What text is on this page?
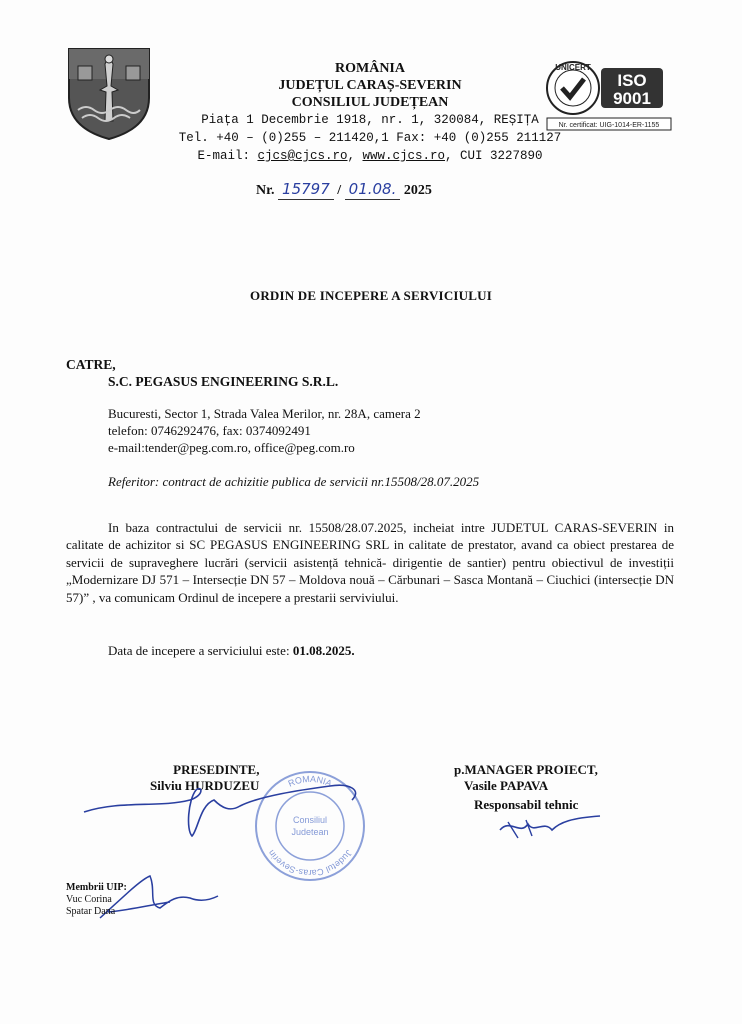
ROMÂNIA
JUDEȚUL CARAȘ-SEVERIN
CONSILIUL JUDEȚEAN
Piața 1 Decembrie 1918, nr. 1, 320084, REȘIȚA
Tel. +40 – (0)255 – 211420,1 Fax: +40 (0)255 211127
E-mail: cjcs@cjcs.ro, www.cjcs.ro, CUI 3227890
UNICERT
ISO
9001
Nr. certificat: UIG-1014-ER-1155
Nr. 15797 / 01.08. 2025
ORDIN DE INCEPERE A SERVICIULUI
CATRE,
S.C. PEGASUS ENGINEERING S.R.L.
Bucuresti, Sector 1, Strada Valea Merilor, nr. 28A, camera 2
telefon: 0746292476, fax: 0374092491
e-mail:tender@peg.com.ro, office@peg.com.ro
Referitor: contract de achizitie publica de servicii nr.15508/28.07.2025
In baza contractului de servicii nr. 15508/28.07.2025, incheiat intre JUDETUL CARAS-SEVERIN in calitate de achizitor si SC PEGASUS ENGINEERING SRL in calitate de prestator, avand ca obiect prestarea de servicii de supraveghere lucrări (servicii asistență tehnică- dirigentie de santier) pentru obiectivul de investiții „Modernizare DJ 571 – Intersecție DN 57 – Moldova nouă – Cărbunari – Sasca Montană – Ciuchici (intersecție DN 57)” , va comunicam Ordinul de incepere a prestarii serviviului.
Data de incepere a serviciului este: 01.08.2025.
ROMANIA
Judetul Caras-Severin
Consiliul
Judetean
PRESEDINTE,
Silviu HURDUZEU
p.MANAGER PROIECT,
Vasile PAPAVA
Responsabil tehnic
Membrii UIP:
Vuc Corina
Spatar Dana
